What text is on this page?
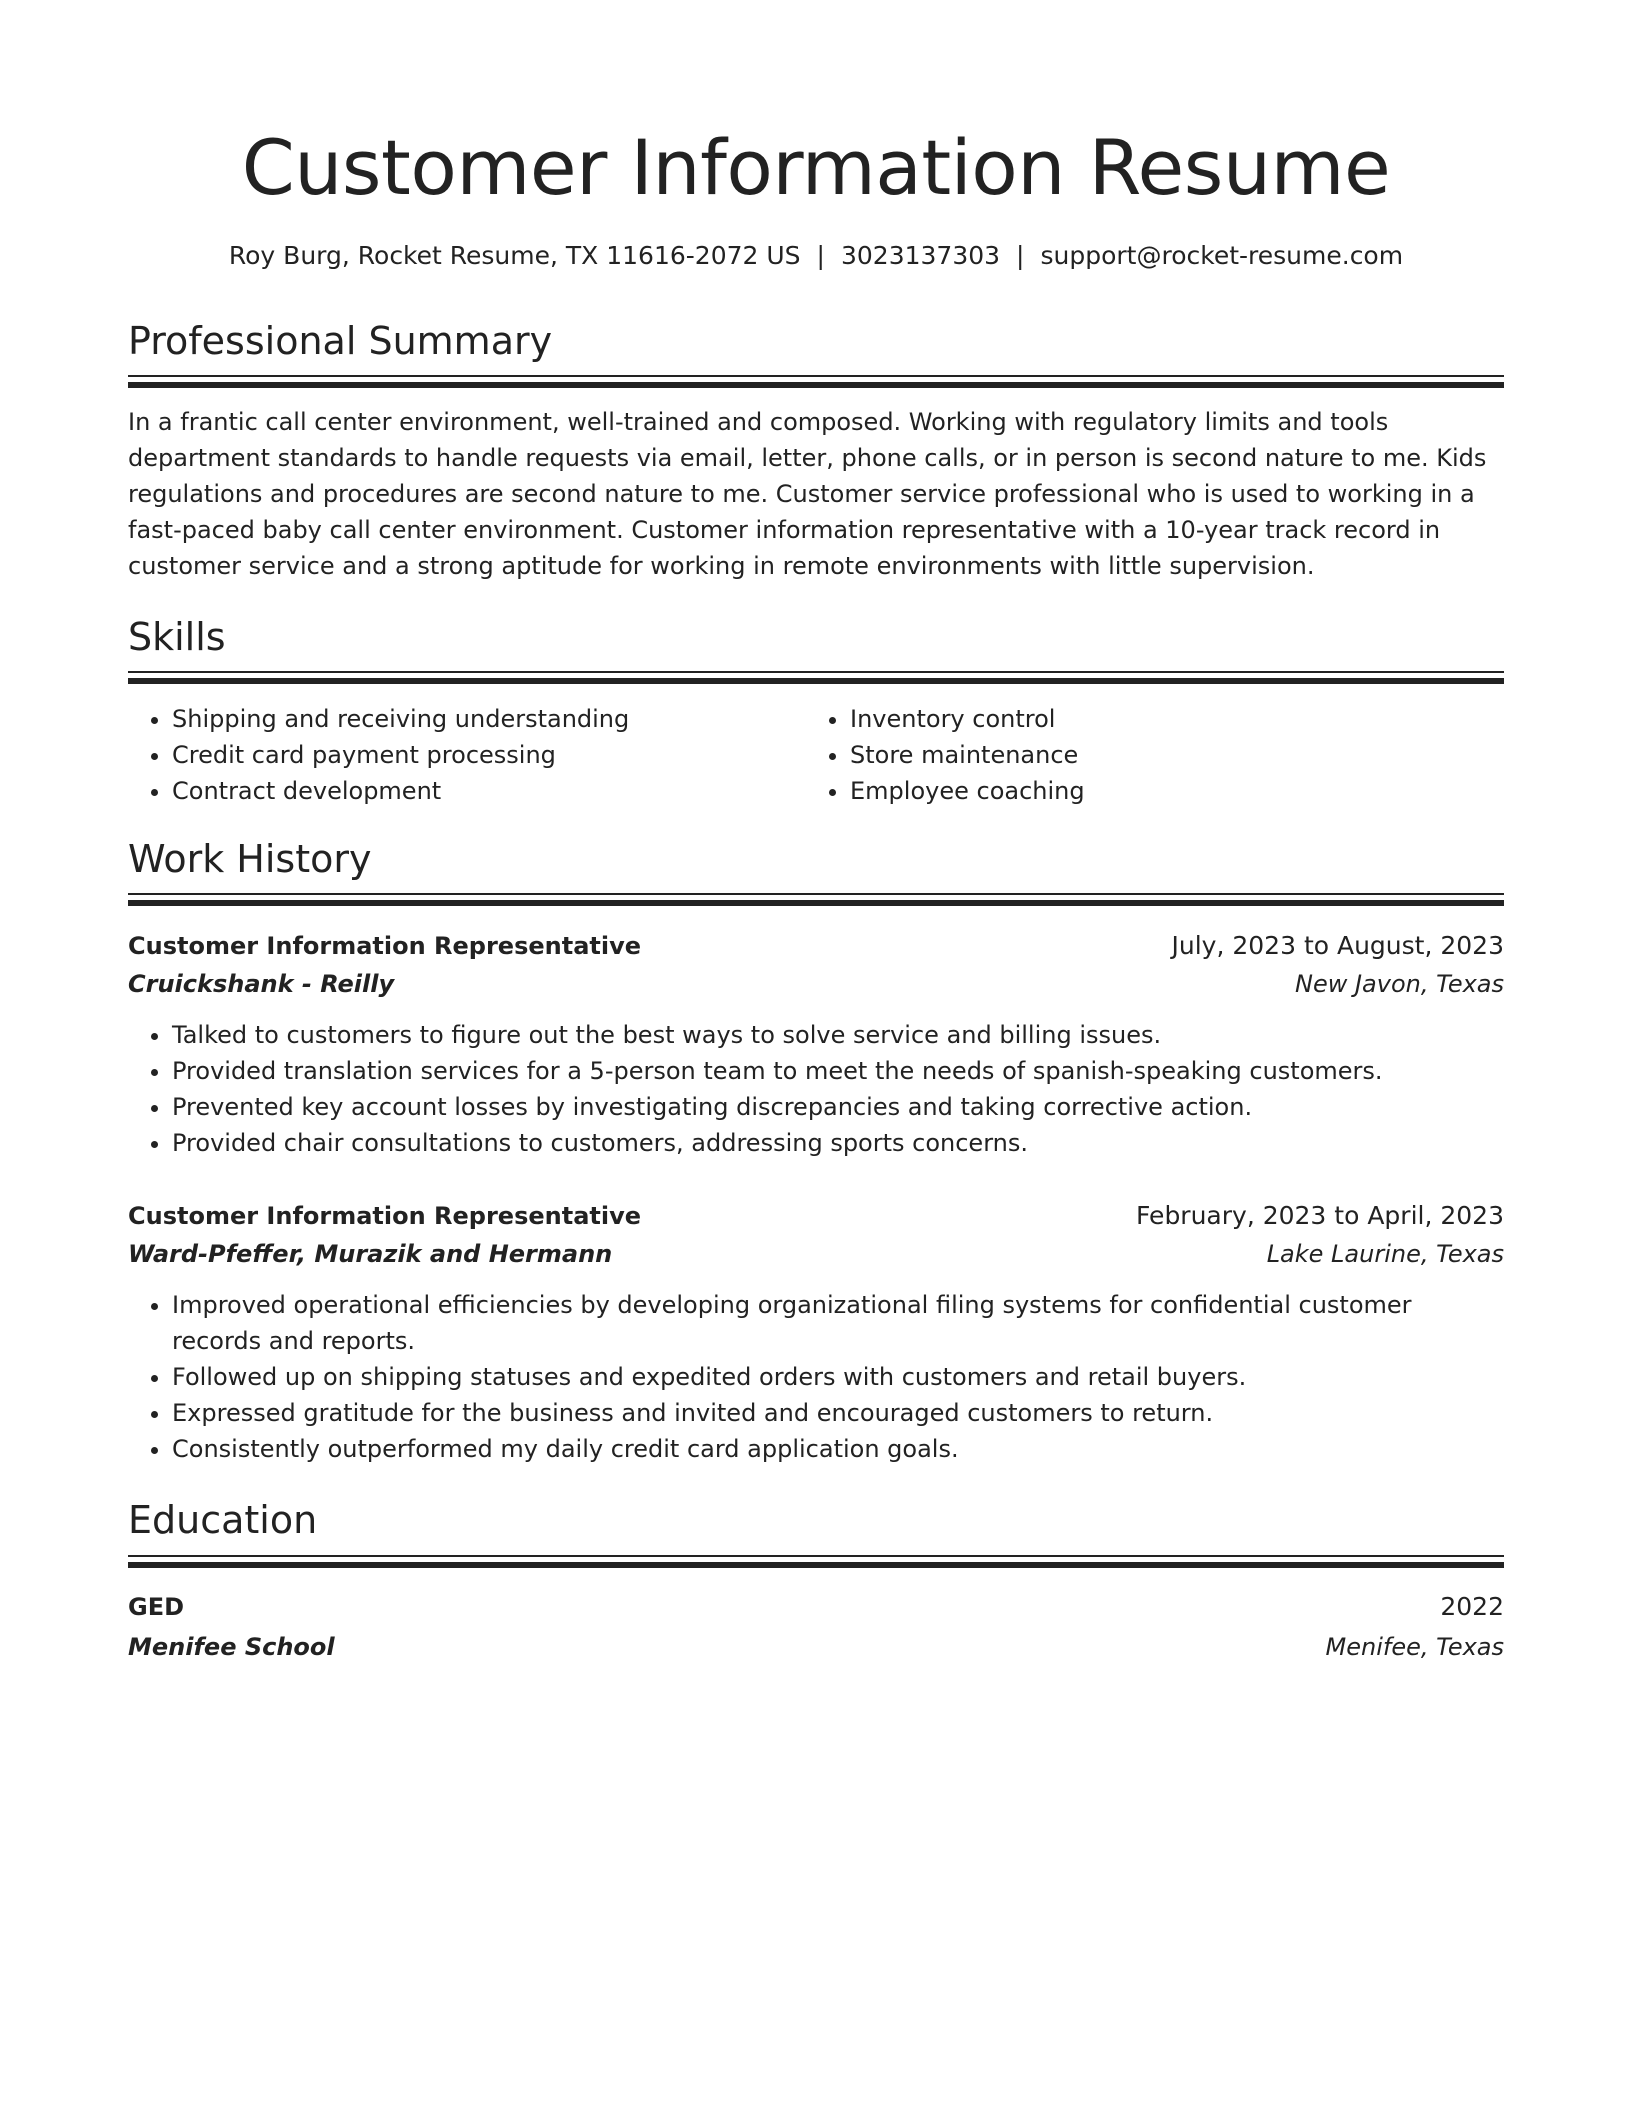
Customer Information Resume
Roy Burg, Rocket Resume, TX 11616-2072 US | 3023137303 | support@rocket-resume.com
Professional Summary

In a frantic call center environment, well-trained and composed. Working with regulatory limits and tools department standards to handle requests via email, letter, phone calls, or in person is second nature to me. Kids regulations and procedures are second nature to me. Customer service professional who is used to working in a fast-paced baby call center environment. Customer information representative with a 10-year track record in customer service and a strong aptitude for working in remote environments with little supervision.

Skills
• Shipping and receiving understanding
• Credit card payment processing
• Contract development
• Inventory control
• Store maintenance
• Employee coaching
Work History
Customer Information Representative	July, 2023 to August, 2023
Cruickshank - Reilly	New Javon, Texas
• Talked to customers to figure out the best ways to solve service and billing issues.
• Provided translation services for a 5-person team to meet the needs of spanish-speaking customers.
• Prevented key account losses by investigating discrepancies and taking corrective action.
• Provided chair consultations to customers, addressing sports concerns.
Customer Information Representative	February, 2023 to April, 2023
Ward-Pfeffer, Murazik and Hermann	Lake Laurine, Texas
• Improved operational efficiencies by developing organizational filing systems for confidential customer records and reports.
• Followed up on shipping statuses and expedited orders with customers and retail buyers.
• Expressed gratitude for the business and invited and encouraged customers to return.
• Consistently outperformed my daily credit card application goals.
Education
GED	2022
Menifee School	Menifee, Texas
